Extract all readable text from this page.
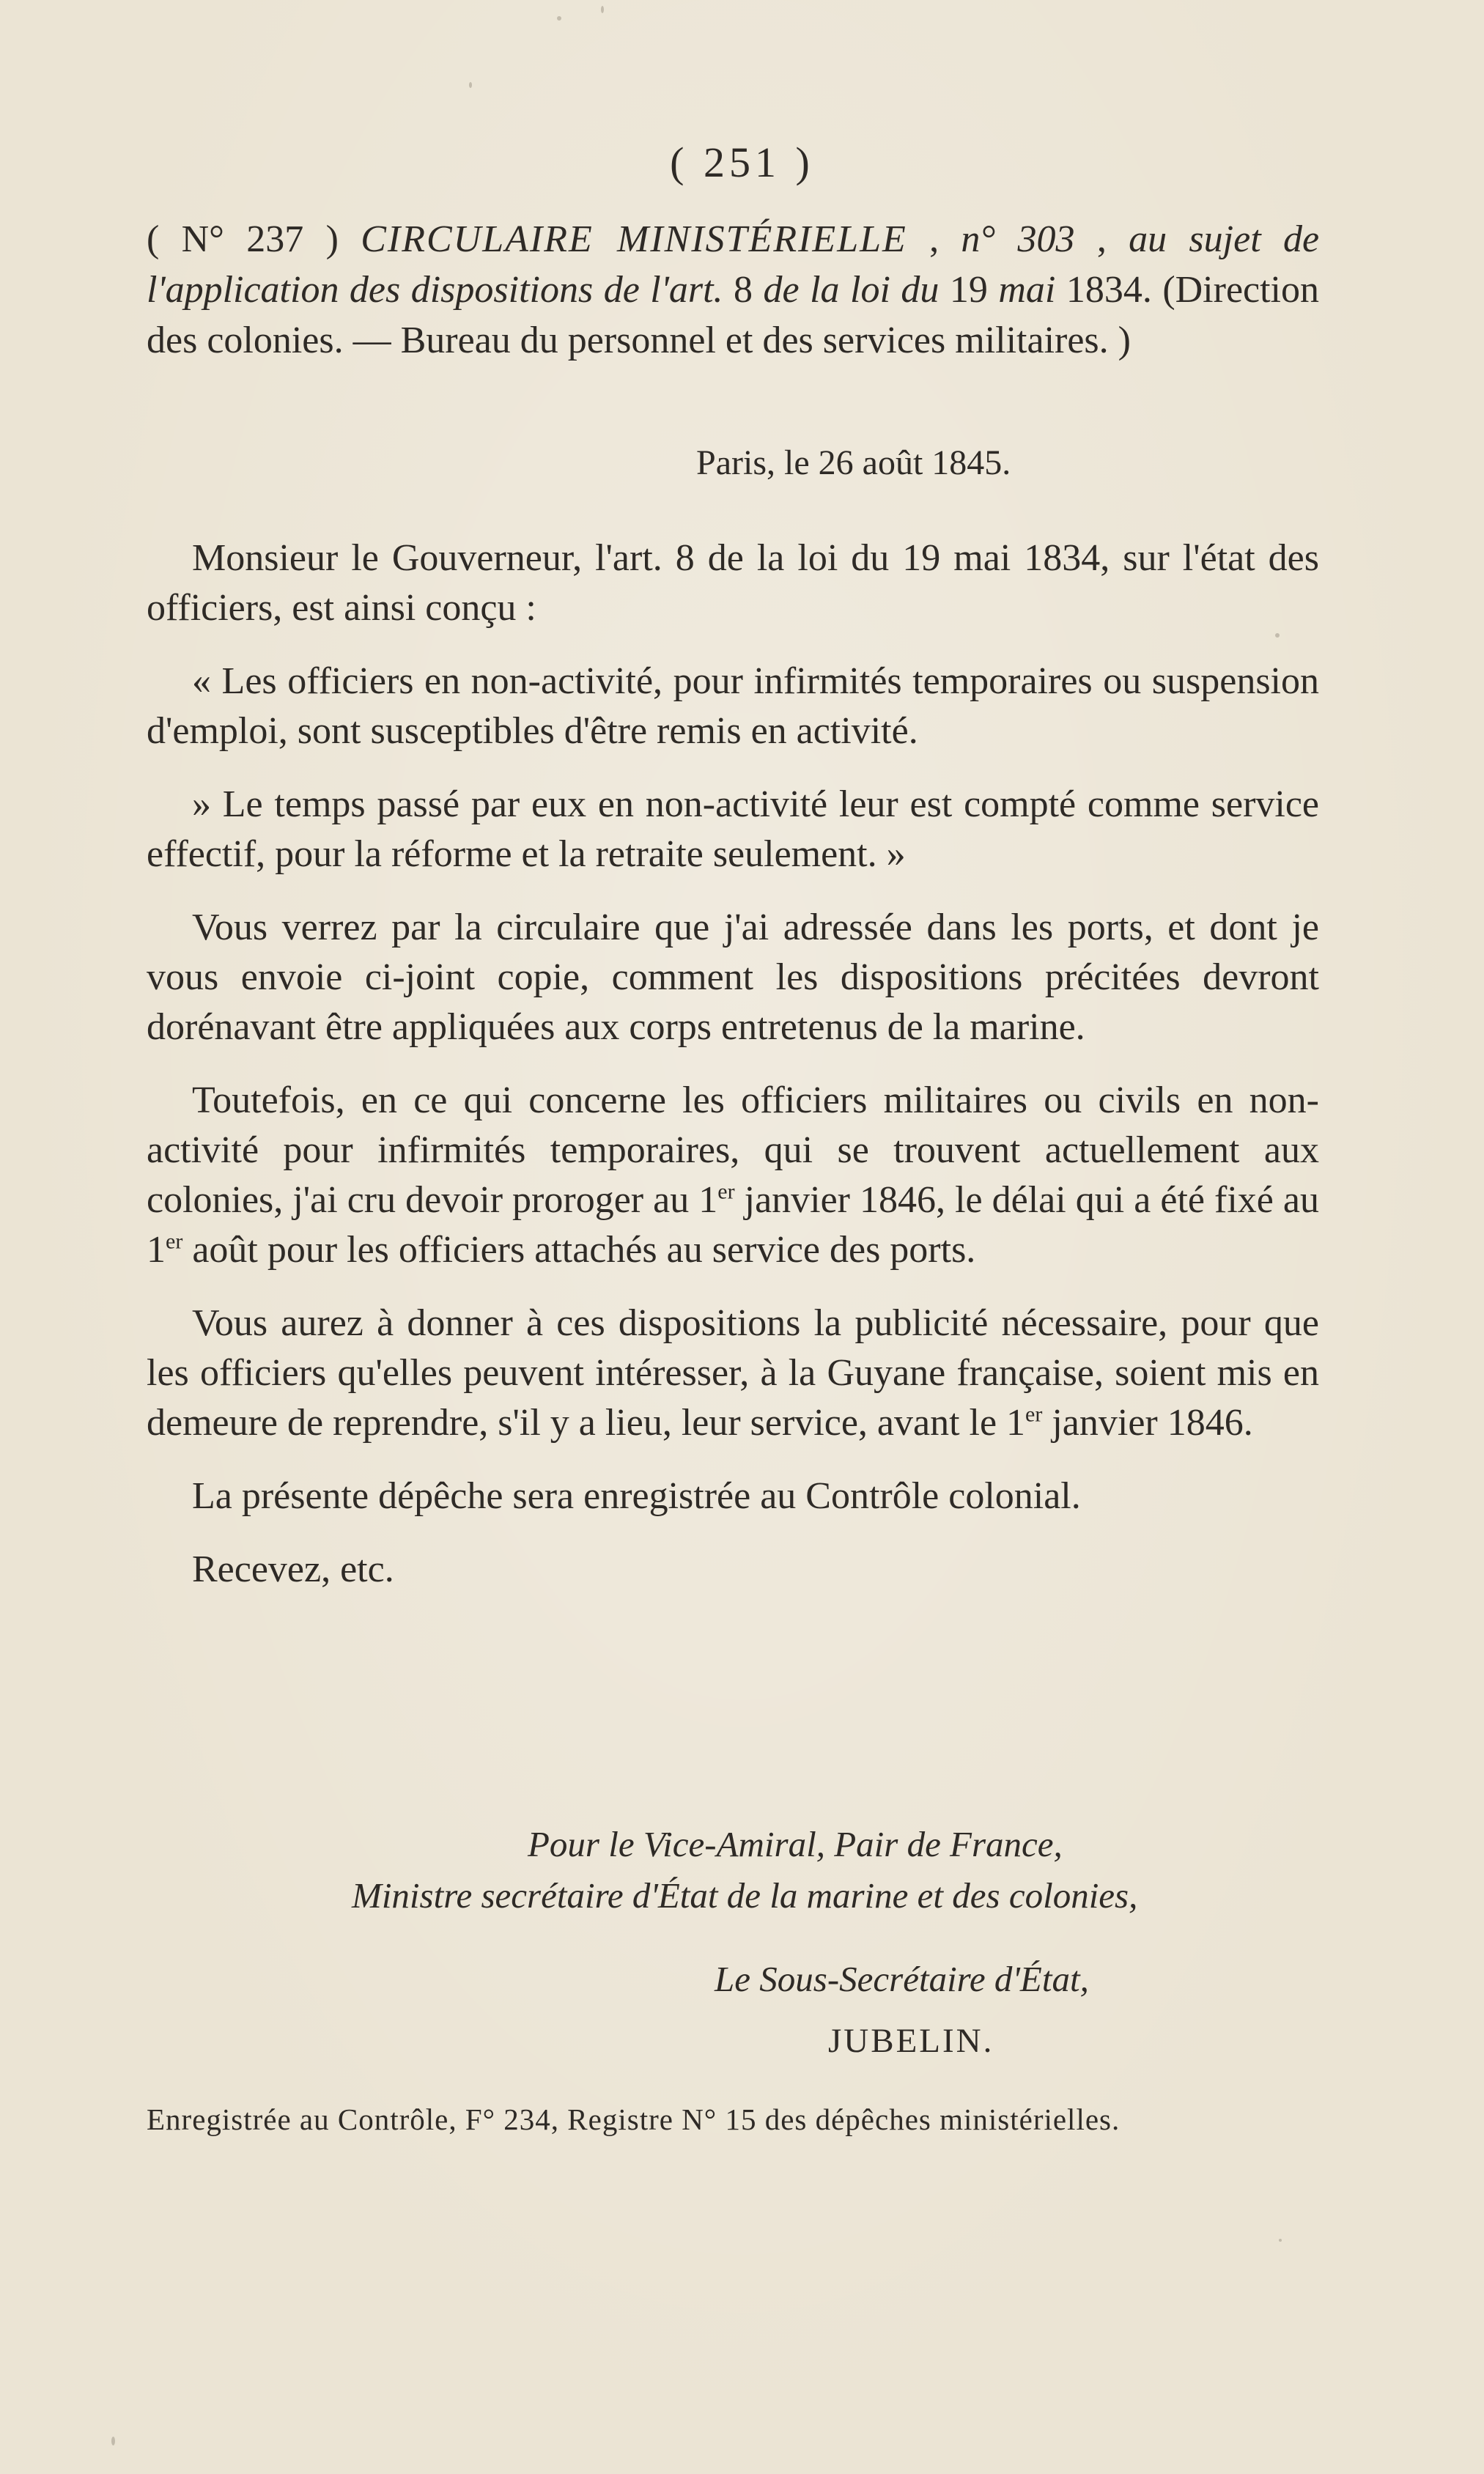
( 251 )
( N° 237 ) CIRCULAIRE MINISTÉRIELLE , n° 303 , au sujet de l'application des dispositions de l'art. 8 de la loi du 19 mai 1834. (Direction des colonies. — Bureau du personnel et des services militaires. )
Paris, le 26 août 1845.

Monsieur le Gouverneur, l'art. 8 de la loi du 19 mai 1834, sur l'état des officiers, est ainsi conçu :

« Les officiers en non-activité, pour infirmités temporaires ou suspension d'emploi, sont susceptibles d'être remis en activité.

» Le temps passé par eux en non-activité leur est compté comme service effectif, pour la réforme et la retraite seulement. »

Vous verrez par la circulaire que j'ai adressée dans les ports, et dont je vous envoie ci-joint copie, comment les dispositions précitées devront dorénavant être appliquées aux corps entretenus de la marine.

Toutefois, en ce qui concerne les officiers militaires ou civils en non-activité pour infirmités temporaires, qui se trouvent actuellement aux colonies, j'ai cru devoir proroger au 1er janvier 1846, le délai qui a été fixé au 1er août pour les officiers attachés au service des ports.

Vous aurez à donner à ces dispositions la publicité nécessaire, pour que les officiers qu'elles peuvent intéresser, à la Guyane française, soient mis en demeure de reprendre, s'il y a lieu, leur service, avant le 1er janvier 1846.

La présente dépêche sera enregistrée au Contrôle colonial.

Recevez, etc.

Pour le Vice-Amiral, Pair de France,
Ministre secrétaire d'État de la marine et des colonies,
Le Sous-Secrétaire d'État,
JUBELIN.
Enregistrée au Contrôle, F° 234, Registre N° 15 des dépêches ministérielles.
